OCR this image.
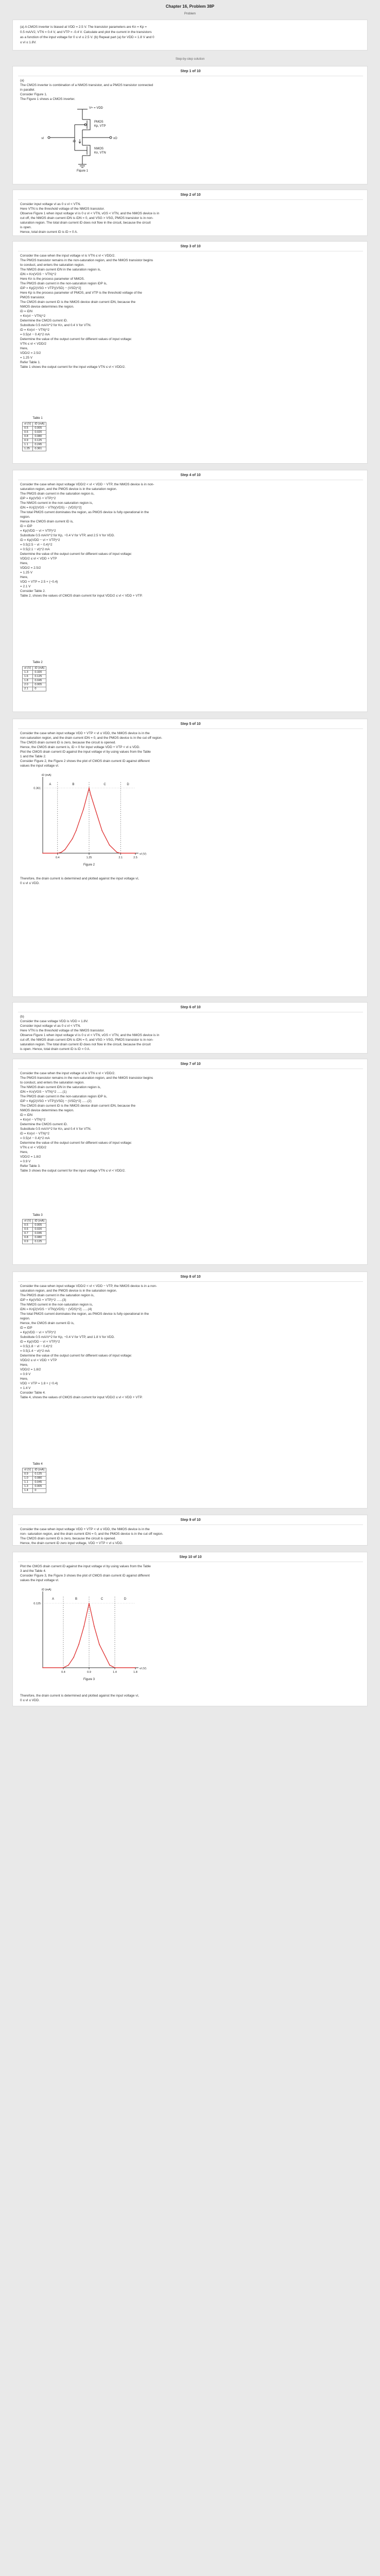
Chapter 16, Problem 38P
Problem
(a) A CMOS inverter is biased at VDD = 2.5 V. The transistor parameters are Kn = Kp =
0.5 mA/V2, VTN = 0.4 V, and VTP = -0.4 V. Calculate and plot the current in the transistors
as a function of the input voltage for 0 ≤ vI ≤ 2.5 V. (b) Repeat part (a) for VDD = 1.8 V and 0
≤ vI ≤ 1.8V.
Step-by-step solution
Step 1 of 10
(a)
The CMOS inverter is combination of a NMOS transistor, and a PMOS transistor connected
in parallel.
Consider Figure 1.
The Figure 1 shows a CMOS inverter.
V+ = VDD
PMOS
Kp, VTP
NMOS
Kn, VTN
vI	vO
iD
Figure 1
Step 2 of 10
Consider input voltage vI as 0 ≤ vI < VTN.
Here VTN is the threshold voltage of the NMOS transistor.
Observe Figure 1 when input voltage vI is 0 ≤ vI < VTN, vGS < VTN, and the NMOS device is in
cut off, the NMOS drain current iDN is iDN = 0, and VSG > VSG, PMOS transistor is in non-
saturation region. The total drain current iD does not flow in the circuit, because the circuit
is open.
Hence, total drain current iD is iD = 0 A.
Step 3 of 10
Consider the case when the input voltage vI is VTN ≤ vI < VDD/2.
The PMOS transistor remains in the non-saturation region, and the NMOS transistor begins
to conduct, and enters the saturation region.
The NMOS drain current iDN in the saturation region is,
iDN = Kn(VGS − VTN)^2
Here Kn is the process parameter of NMOS.
The PMOS drain current in the non-saturation region iDP is,
iDP = Kp[2(VSG + VTP)(VSD) − (VSD)^2]
Here Kp is the process parameter of PMOS, and VTP is the threshold voltage of the
PMOS transistor.
The CMOS drain current iD is the NMOS device drain current iDN, because the
NMOS device determines the region.
iD = iDN
= Kn(vI − VTN)^2
Determine the CMOS current iD.
Substitute 0.5 mA/V^2 for Kn, and 0.4 V for VTN.
iD = Kn(vI − VTN)^2
= 0.5(vI − 0.4)^2 mA
Determine the value of the output current for different values of input voltage:
VTN ≤ vI < VDD/2
Here,
VDD/2 = 2.5/2
= 1.25 V
Refer Table 1.
Table 1 shows the output current for the input voltage VTN ≤ vI < VDD/2.
Table 1
vI (V)	iD (mA)
0.5	0.005
0.6	0.020
0.8	0.080
0.9	0.125
1.1	0.245
1.25	0.361
Step 4 of 10
Consider the case when input voltage VDD/2 < vI < VDD − VTP, the NMOS device is in non-
saturation region, and the PMOS device is in the saturation region.
The PMOS drain current in the saturation region is,
iDP = Kp(VSG + VTP)^2
The NMOS current in the non-saturation region is,
iDN = Kn[2(VGS − VTN)(VDS) − (VDS)^2]
The total PMOS current dominates the region, as PMOS device is fully operational in the
region.
Hence the CMOS drain current iD is,
iD = iDP
= Kp(VDD − vI + VTP)^2
Substitute 0.5 mA/V^2 for Kp, −0.4 V for VTP, and 2.5 V for VDD.
iD = Kp(VDD − vI + VTP)^2
= 0.5(2.5 − vI − 0.4)^2
= 0.5(2.1 − vI)^2 mA
Determine the value of the output current for different values of input voltage:
VDD/2 ≤ vI < VDD + VTP
Here,
VDD/2 = 2.5/2
= 1.25 V
Here,
VDD + VTP = 2.5 + (−0.4)
= 2.1 V
Consider Table 2.
Table 2, shows the values of CMOS drain current for input VDD/2 ≤ vI < VDD + VTP.
Table 2
vI (V)	iD (mA)
1.3	0.320
1.6	0.125
1.8	0.045
2.0	0.005
2.1	0
Step 5 of 10
Consider the case when input voltage VDD + VTP < vI ≤ VDD, the NMOS device is in the
non-saturation region, and the drain current iDN = 0, and the PMOS device is in the cut off region.
The CMOS drain current iD is zero, because the circuit is opened.
Hence, the CMOS drain current is, iD = 0 for input voltage VDD + VTP < vI ≤ VDD.
Plot the CMOS drain current iD against the input voltage vI by using values from the Table
1 and the Table 2.
Consider Figure 2, the Figure 2 shows the plot of CMOS drain current iD against different
values the input voltage vI.
Therefore, the drain current is determined and plotted against the input voltage vI,
0 ≤ vI ≤ VDD.
A	B	C	D
0.4	1.25	2.1	2.5
0.361
vI (V)
iD (mA)
Figure 2
Step 6 of 10
(b)
Consider the case voltage VDD is VDD = 1.8V.
Consider input voltage vI as 0 ≤ vI < VTN.
Here VTN is the threshold voltage of the NMOS transistor.
Observe Figure 1 when input voltage vI is 0 ≤ vI < VTN, vGS < VTN, and the NMOS device is in
cut off, the NMOS drain current iDN is iDN = 0, and VSG > VSG, PMOS transistor is in non-
saturation region. The total drain current iD does not flow in the circuit, because the circuit
is open. Hence, total drain current iD is iD = 0 A.
Step 7 of 10
Consider the case when the input voltage vI is VTN ≤ vI < VDD/2.
The PMOS transistor remains in the non-saturation region, and the NMOS transistor begins
to conduct, and enters the saturation region.
The NMOS drain current iDN in the saturation region is,
iDN = Kn(VGS − VTN)^2 ......(1)
The PMOS drain current in the non-saturation region iDP is,
iDP = Kp[2(VSG + VTP)(VSD) − (VSD)^2] ......(2)
The CMOS drain current iD is the NMOS device drain current iDN, because the
NMOS device determines the region.
iD = iDN
= Kn(vI − VTN)^2
Determine the CMOS current iD.
Substitute 0.5 mA/V^2 for Kn, and 0.4 V for VTN.
iD = Kn(vI − VTN)^2
= 0.5(vI − 0.4)^2 mA
Determine the value of the output current for different values of input voltage:
VTN ≤ vI < VDD/2
Here,
VDD/2 = 1.8/2
= 0.9 V
Refer Table 3.
Table 3 shows the output current for the input voltage VTN ≤ vI < VDD/2.
Table 3
vI (V)	iD (mA)
0.5	0.005
0.6	0.020
0.7	0.045
0.8	0.080
0.9	0.125
Step 8 of 10
Consider the case when input voltage VDD/2 < vI < VDD − VTP, the NMOS device is in a non-
saturation region, and the PMOS device is in the saturation region.
The PMOS drain current in the saturation region is,
iDP = Kp(VSG + VTP)^2 ......(3)
The NMOS current in the non-saturation region is,
iDN = Kn[2(VGS − VTN)(VDS) − (VDS)^2] ......(4)
The total PMOS current dominates the region, as PMOS device is fully operational in the
region.
Hence, the CMOS drain current iD is,
iD = iDP
= Kp(VDD − vI + VTP)^2
Substitute 0.5 mA/V^2 for Kp, −0.4 V for VTP, and 1.8 V for VDD.
iD = Kp(VDD − vI + VTP)^2
= 0.5(1.8 − vI − 0.4)^2
= 0.5(1.4 − vI)^2 mA
Determine the value of the output current for different values of input voltage:
VDD/2 ≤ vI < VDD + VTP
Here,
VDD/2 = 1.8/2
= 0.9 V
Here,
VDD + VTP = 1.8 + (−0.4)
= 1.4 V
Consider Table 4.
Table 4, shows the values of CMOS drain current for input VDD/2 ≤ vI < VDD + VTP.
Table 4
vI (V)	iD (mA)
0.9	0.125
1.0	0.080
1.1	0.045
1.3	0.005
1.4	0
Step 9 of 10
Consider the case when input voltage VDD + VTP < vI ≤ VDD, the NMOS device is in the
non- saturation region, and the drain current iDN = 0, and the PMOS device is in the cut off region.
The CMOS drain current iD is zero, because the circuit is opened.
Hence, the drain current iD zero input voltage, VDD + VTP < vI ≤ VDD.
Step 10 of 10
Plot the CMOS drain current iD against the input voltage vI by using values from the Table
3 and the Table 4.
Consider Figure 3, the Figure 3 shows the plot of CMOS drain current iD against different
values the input voltage vI.
Therefore, the drain current is determined and plotted against the input voltage vI,
0 ≤ vI ≤ VDD.
A	B	C	D
0.4	0.9	1.4	1.8
0.125
vI (V)
iD (mA)
Figure 3
